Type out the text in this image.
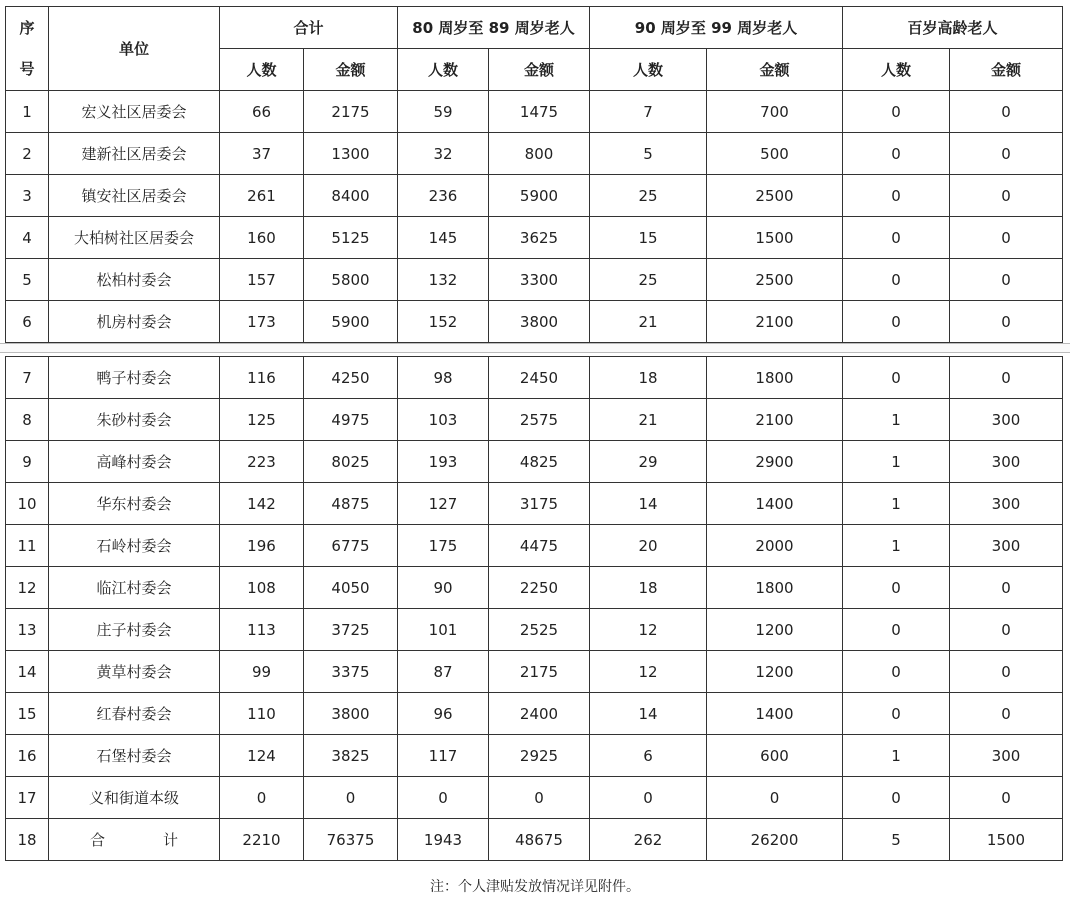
序
号	单位	合计		80 周岁至 89 周岁老人		90 周岁至 99 周岁老人		百岁高龄老人	
		人数	金额	人数	金额	人数	金额	人数	金额
1	宏义社区居委会	66	2175	59	1475	7	700	0	0
2	建新社区居委会	37	1300	32	800	5	500	0	0
3	镇安社区居委会	261	8400	236	5900	25	2500	0	0
4	大柏树社区居委会	160	5125	145	3625	15	1500	0	0
5	松柏村委会	157	5800	132	3300	25	2500	0	0
6	机房村委会	173	5900	152	3800	21	2100	0	0
7	鸭子村委会	116	4250	98	2450	18	1800	0	0
8	朱砂村委会	125	4975	103	2575	21	2100	1	300
9	高峰村委会	223	8025	193	4825	29	2900	1	300
10	华东村委会	142	4875	127	3175	14	1400	1	300
11	石岭村委会	196	6775	175	4475	20	2000	1	300
12	临江村委会	108	4050	90	2250	18	1800	0	0
13	庄子村委会	113	3725	101	2525	12	1200	0	0
14	黄草村委会	99	3375	87	2175	12	1200	0	0
15	红春村委会	110	3800	96	2400	14	1400	0	0
16	石堡村委会	124	3825	117	2925	6	600	1	300
17	义和街道本级	0	0	0	0	0	0	0	0
18	合 计	2210	76375	1943	48675	262	26200	5	1500
注：个人津贴发放情况详见附件。
